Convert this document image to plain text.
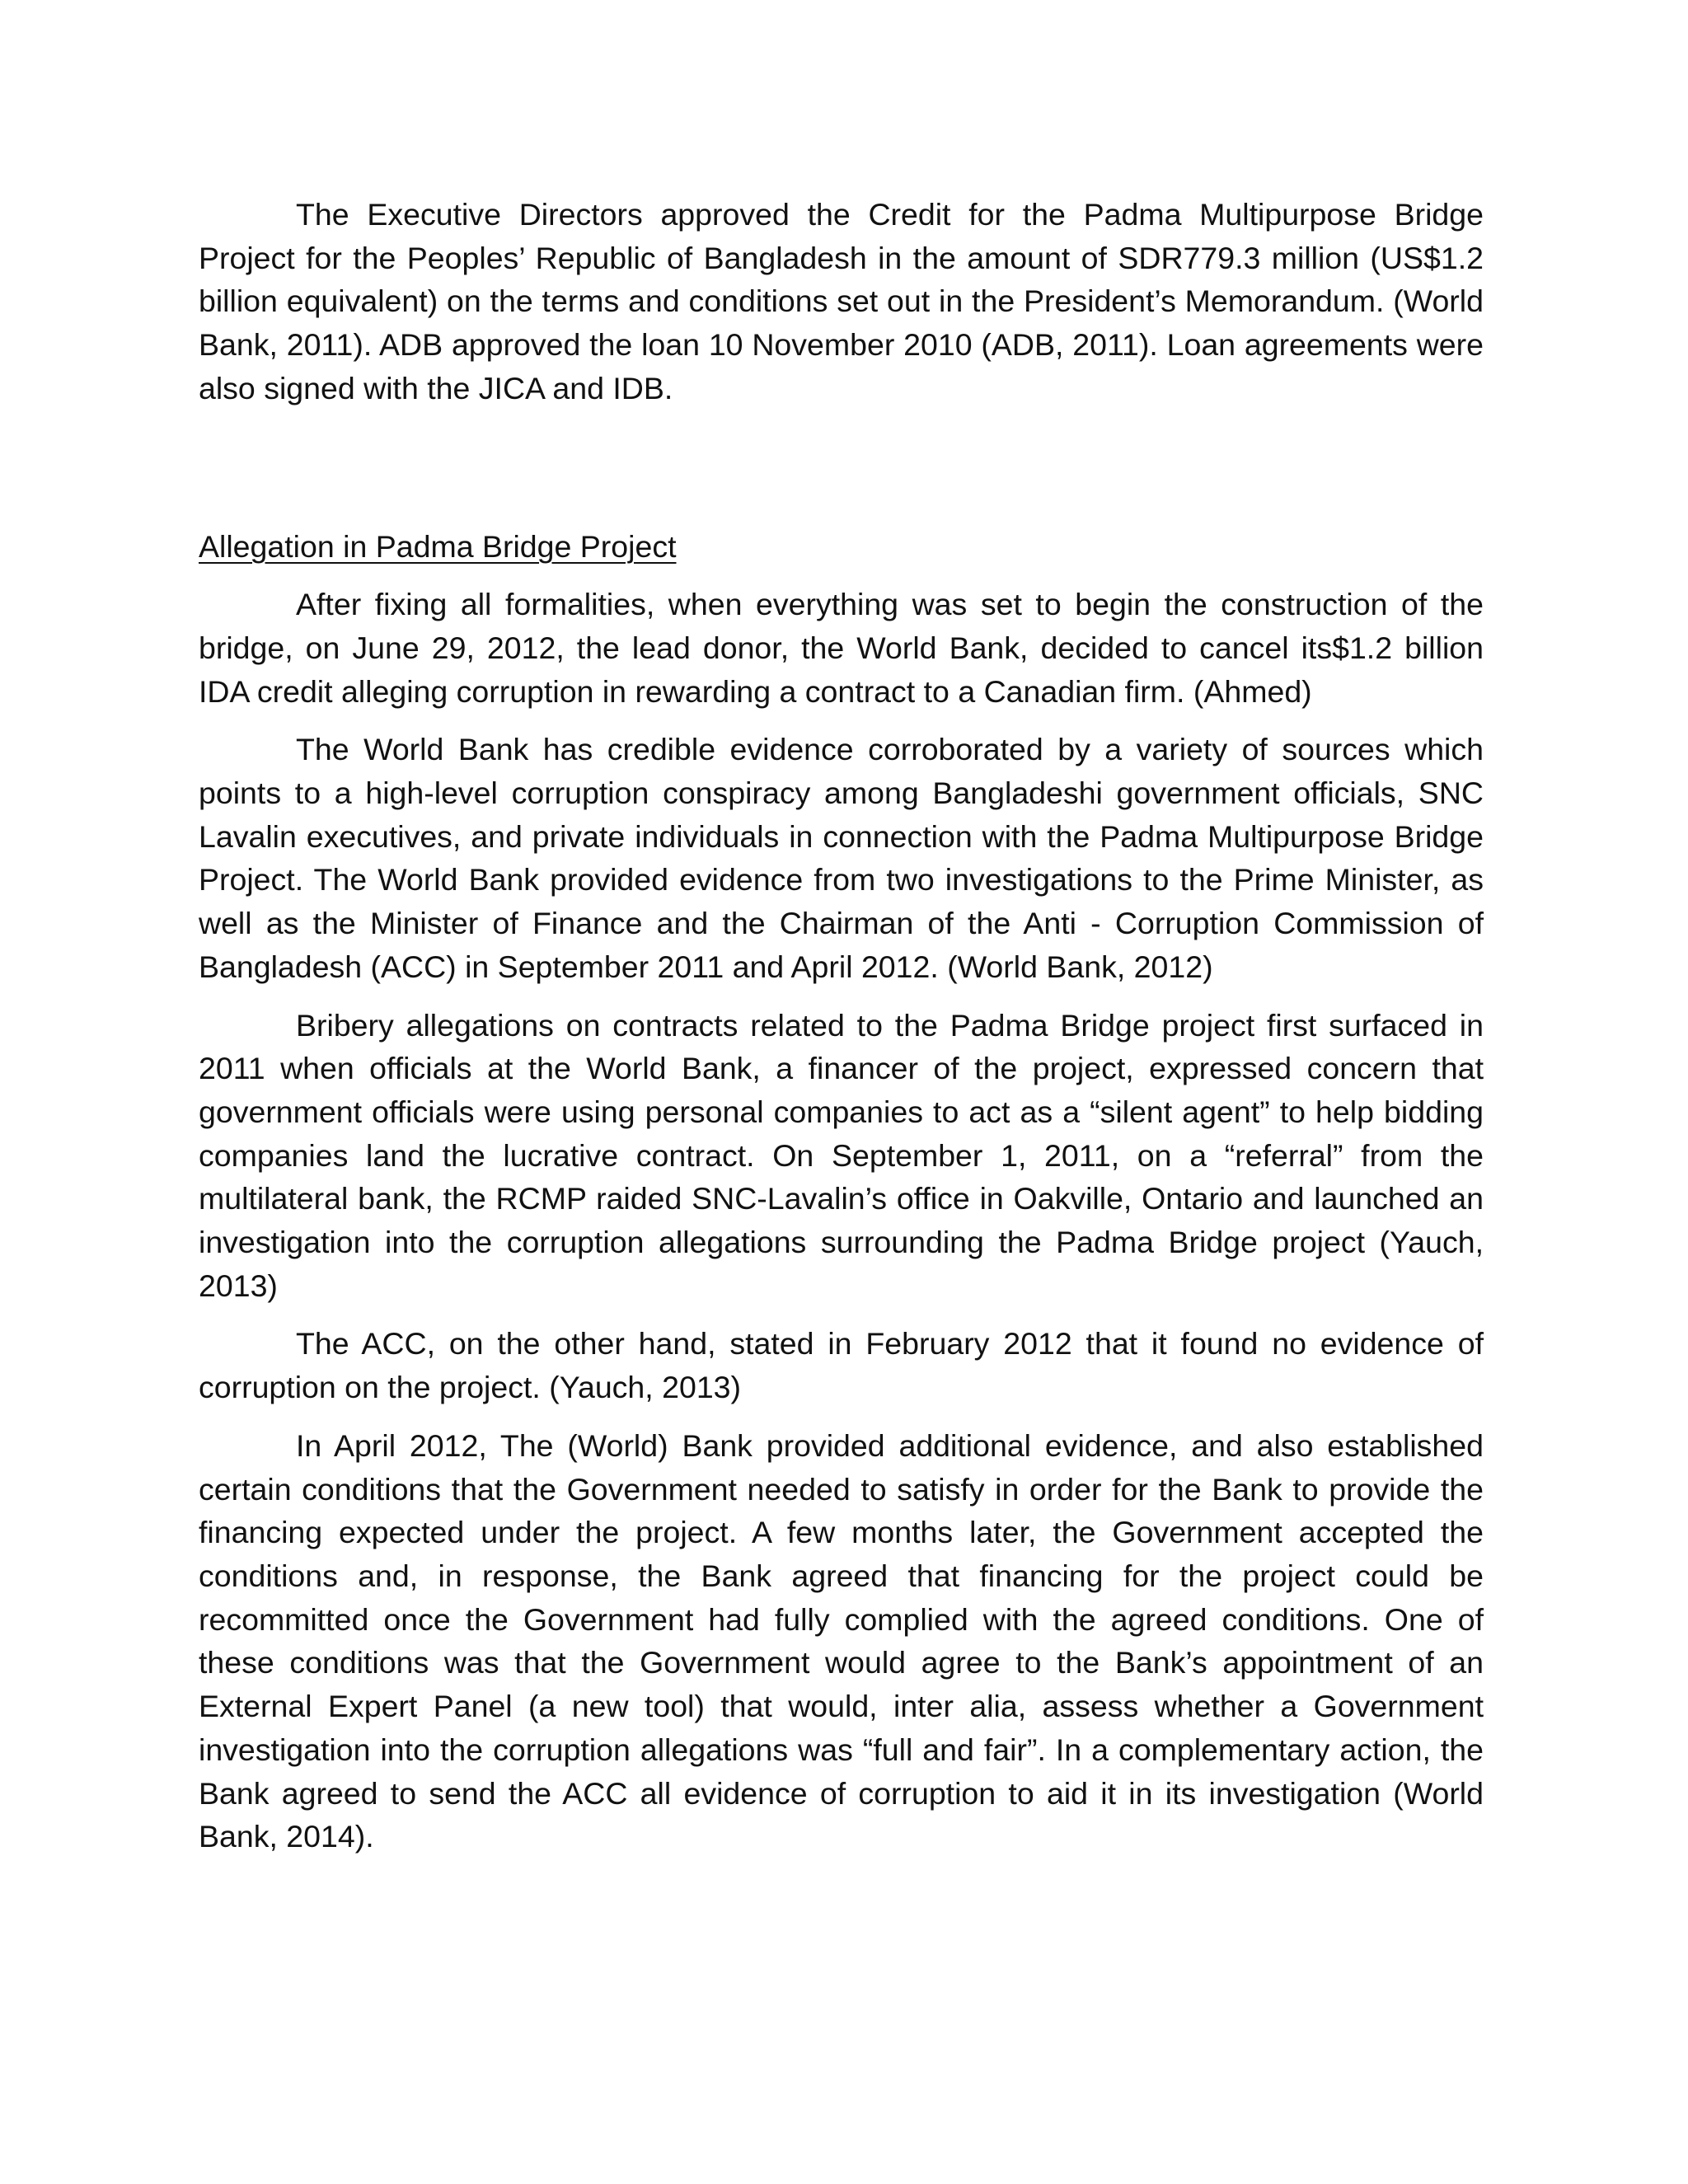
The Executive Directors approved the Credit for the Padma Multipurpose Bridge Project for the Peoples’ Republic of Bangladesh in the amount of SDR779.3 million (US$1.2 billion equivalent) on the terms and conditions set out in the President’s Memorandum. (World Bank, 2011). ADB approved the loan 10 November 2010 (ADB, 2011). Loan agreements were also signed with the JICA and IDB.

Allegation in Padma Bridge Project

After fixing all formalities, when everything was set to begin the construction of the bridge, on June 29, 2012, the lead donor, the World Bank, decided to cancel its$1.2 billion IDA credit alleging corruption in rewarding a contract to a Canadian firm. (Ahmed)

The World Bank has credible evidence corroborated by a variety of sources which points to a high-level corruption conspiracy among Bangladeshi government officials, SNC Lavalin executives, and private individuals in connection with the Padma Multipurpose Bridge Project. The World Bank provided evidence from two investigations to the Prime Minister, as well as the Minister of Finance and the Chairman of the Anti - Corruption Commission of Bangladesh (ACC) in September 2011 and April 2012. (World Bank, 2012)

Bribery allegations on contracts related to the Padma Bridge project first surfaced in 2011 when officials at the World Bank, a financer of the project, expressed concern that government officials were using personal companies to act as a “silent agent” to help bidding companies land the lucrative contract. On September 1, 2011, on a “referral” from the multilateral bank, the RCMP raided SNC-Lavalin’s office in Oakville, Ontario and launched an investigation into the corruption allegations surrounding the Padma Bridge project (Yauch, 2013)

The ACC, on the other hand, stated in February 2012 that it found no evidence of corruption on the project. (Yauch, 2013)

In April 2012, The (World) Bank provided additional evidence, and also established certain conditions that the Government needed to satisfy in order for the Bank to provide the financing expected under the project. A few months later, the Government accepted the conditions and, in response, the Bank agreed that financing for the project could be recommitted once the Government had fully complied with the agreed conditions. One of these conditions was that the Government would agree to the Bank’s appointment of an External Expert Panel (a new tool) that would, inter alia, assess whether a Government investigation into the corruption allegations was “full and fair”. In a complementary action, the Bank agreed to send the ACC all evidence of corruption to aid it in its investigation (World Bank, 2014).
